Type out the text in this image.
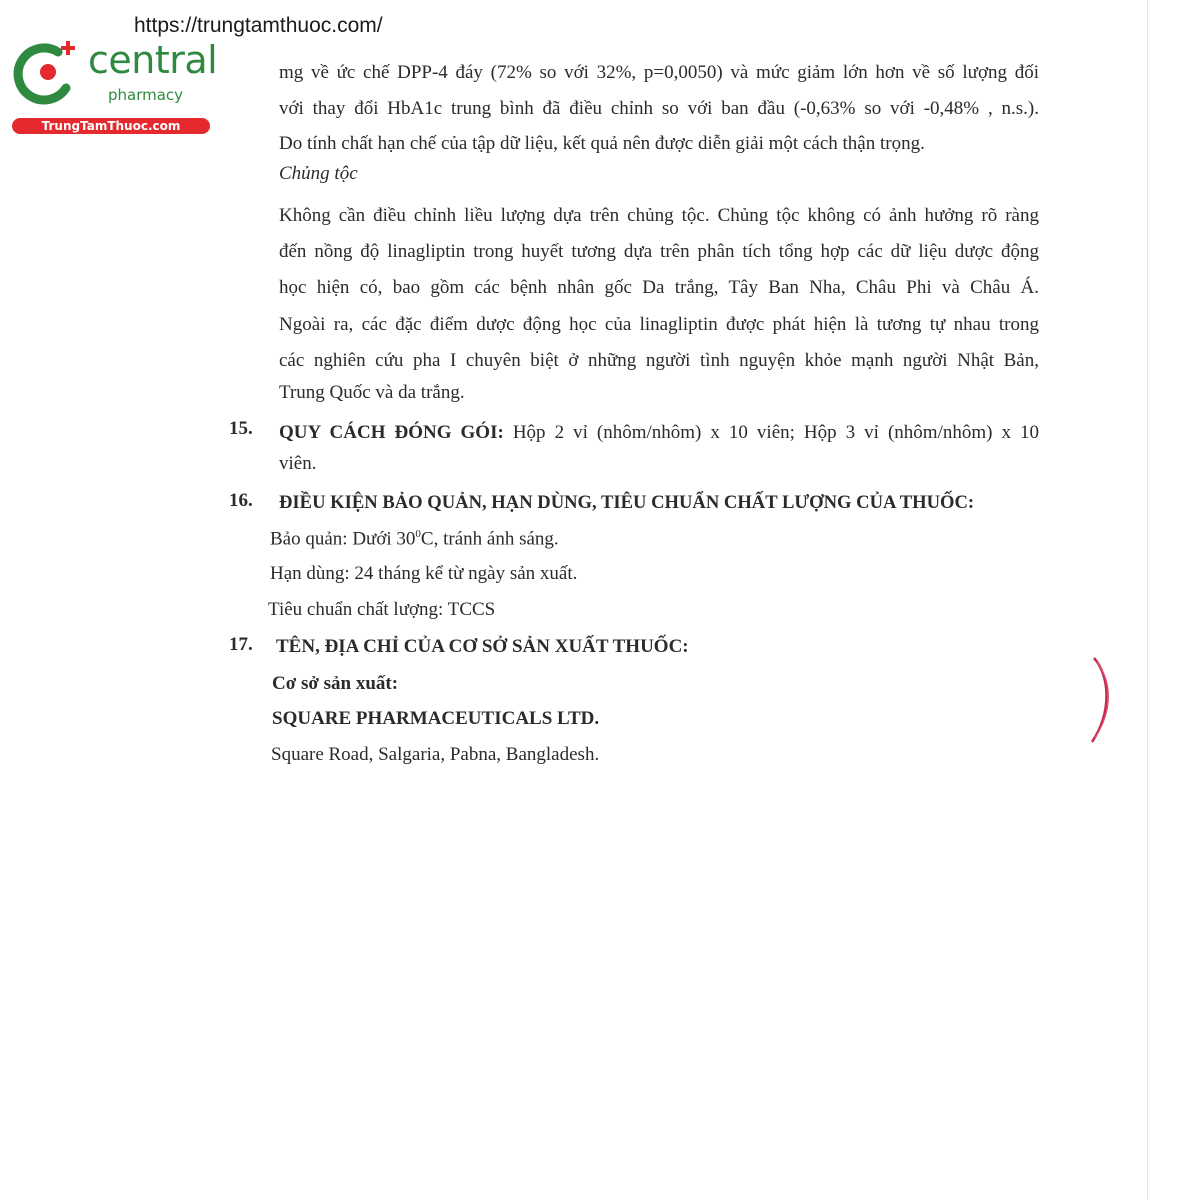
https://trungtamthuoc.com/
central
pharmacy
TrungTamThuoc.com
mg về ức chế DPP-4 đáy (72% so với 32%, p=0,0050) và mức giảm lớn hơn về số lượng đối
với thay đổi HbA1c trung bình đã điều chỉnh so với ban đầu (-0,63% so với -0,48% , n.s.).
Do tính chất hạn chế của tập dữ liệu, kết quả nên được diễn giải một cách thận trọng.
Chủng tộc
Không cần điều chỉnh liều lượng dựa trên chủng tộc. Chủng tộc không có ảnh hưởng rõ ràng
đến nồng độ linagliptin trong huyết tương dựa trên phân tích tổng hợp các dữ liệu dược động
học hiện có, bao gồm các bệnh nhân gốc Da trắng, Tây Ban Nha, Châu Phi và Châu Á.
Ngoài ra, các đặc điểm dược động học của linagliptin được phát hiện là tương tự nhau trong
các nghiên cứu pha I chuyên biệt ở những người tình nguyện khỏe mạnh người Nhật Bản,
Trung Quốc và da trắng.
15. QUY CÁCH ĐÓNG GÓI: Hộp 2 vỉ (nhôm/nhôm) x 10 viên; Hộp 3 vỉ (nhôm/nhôm) x 10
viên.
16. ĐIỀU KIỆN BẢO QUẢN, HẠN DÙNG, TIÊU CHUẨN CHẤT LƯỢNG CỦA THUỐC:
Bảo quản: Dưới $30^0C$, tránh ánh sáng.
Hạn dùng: 24 tháng kể từ ngày sản xuất.
Tiêu chuẩn chất lượng: TCCS
17. TÊN, ĐỊA CHỈ CỦA CƠ SỞ SẢN XUẤT THUỐC:
Cơ sở sản xuất:
SQUARE PHARMACEUTICALS LTD.
Square Road, Salgaria, Pabna, Bangladesh.
